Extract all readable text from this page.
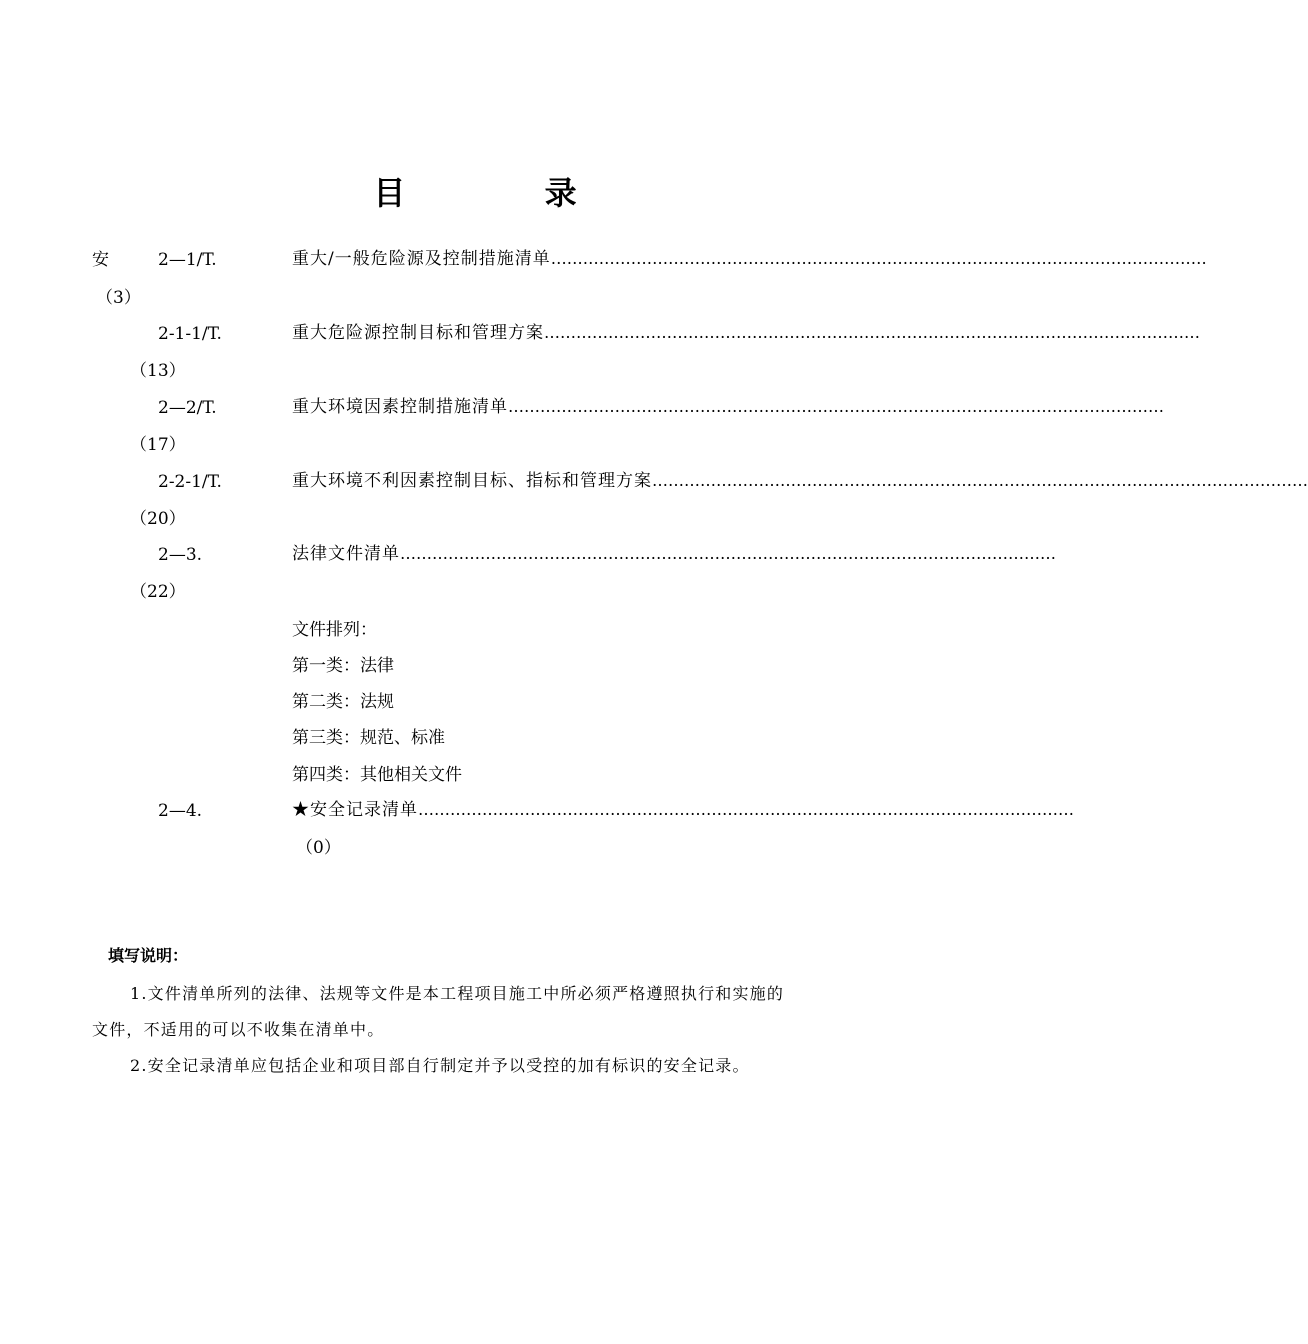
目 录
安	2—1/T.	重大/一般危险源及控制措施清单 ……………………………………………………………………………………………………………
（3）
2-1-1/T.	重大危险源控制目标和管理方案 ……………………………………………………………………………………………………………
（13）
2—2/T.	重大环境因素控制措施清单 ……………………………………………………………………………………………………………
（17）
2-2-1/T.	重大环境不利因素控制目标、指标和管理方案 ……………………………………………………………………………………………………………
（20）
2—3.	法律文件清单 ……………………………………………………………………………………………………………
（22）
文件排列：
第一类：法律
第二类：法规
第三类：规范、标准
第四类：其他相关文件
2—4.	★安全记录清单 ……………………………………………………………………………………………………………
（0）
填写说明：
1.文件清单所列的法律、法规等文件是本工程项目施工中所必须严格遵照执行和实施的
文件，不适用的可以不收集在清单中。
2.安全记录清单应包括企业和项目部自行制定并予以受控的加有标识的安全记录。
